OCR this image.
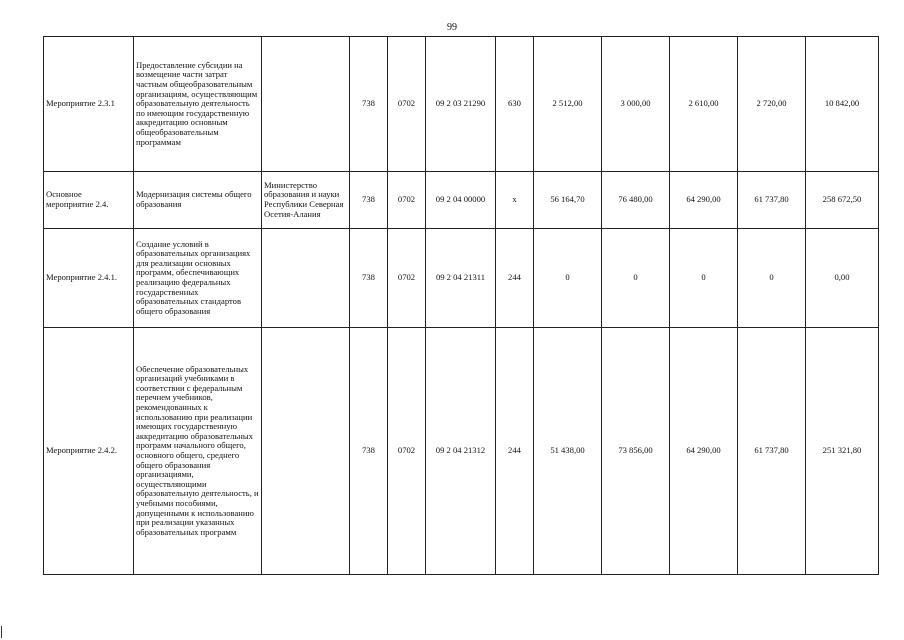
99
Мероприятие 2.3.1	Предоставление субсидии на возмещение части затрат частным общеобразовательным организациям, осуществляющим образовательную деятельность по имеющим государственную аккредитацию основным общеобразовательным программам		738	0702	09 2 03 21290	630	2 512,00	3 000,00	2 610,00	2 720,00	10 842,00
Основное мероприятие 2.4.	Модернизация системы общего образования	Министерство образования и науки Республики Северная Осетия-Алания	738	0702	09 2 04 00000	х	56 164,70	76 480,00	64 290,00	61 737,80	258 672,50
Мероприятие 2.4.1.	Создание условий в образовательных организациях для реализации основных программ, обеспечивающих реализацию федеральных государственных образовательных стандартов общего образования		738	0702	09 2 04 21311	244	0	0	0	0	0,00
Мероприятие 2.4.2.	Обеспечение образовательных организаций учебниками в соответствии с федеральным перечнем учебников, рекомендованных к использованию при реализации имеющих государственную аккредитацию образовательных программ начального общего, основного общего, среднего общего образования организациями, осуществляющими образовательную деятельность, и учебными пособиями, допущенными к использованию при реализации указанных образовательных программ		738	0702	09 2 04 21312	244	51 438,00	73 856,00	64 290,00	61 737,80	251 321,80
